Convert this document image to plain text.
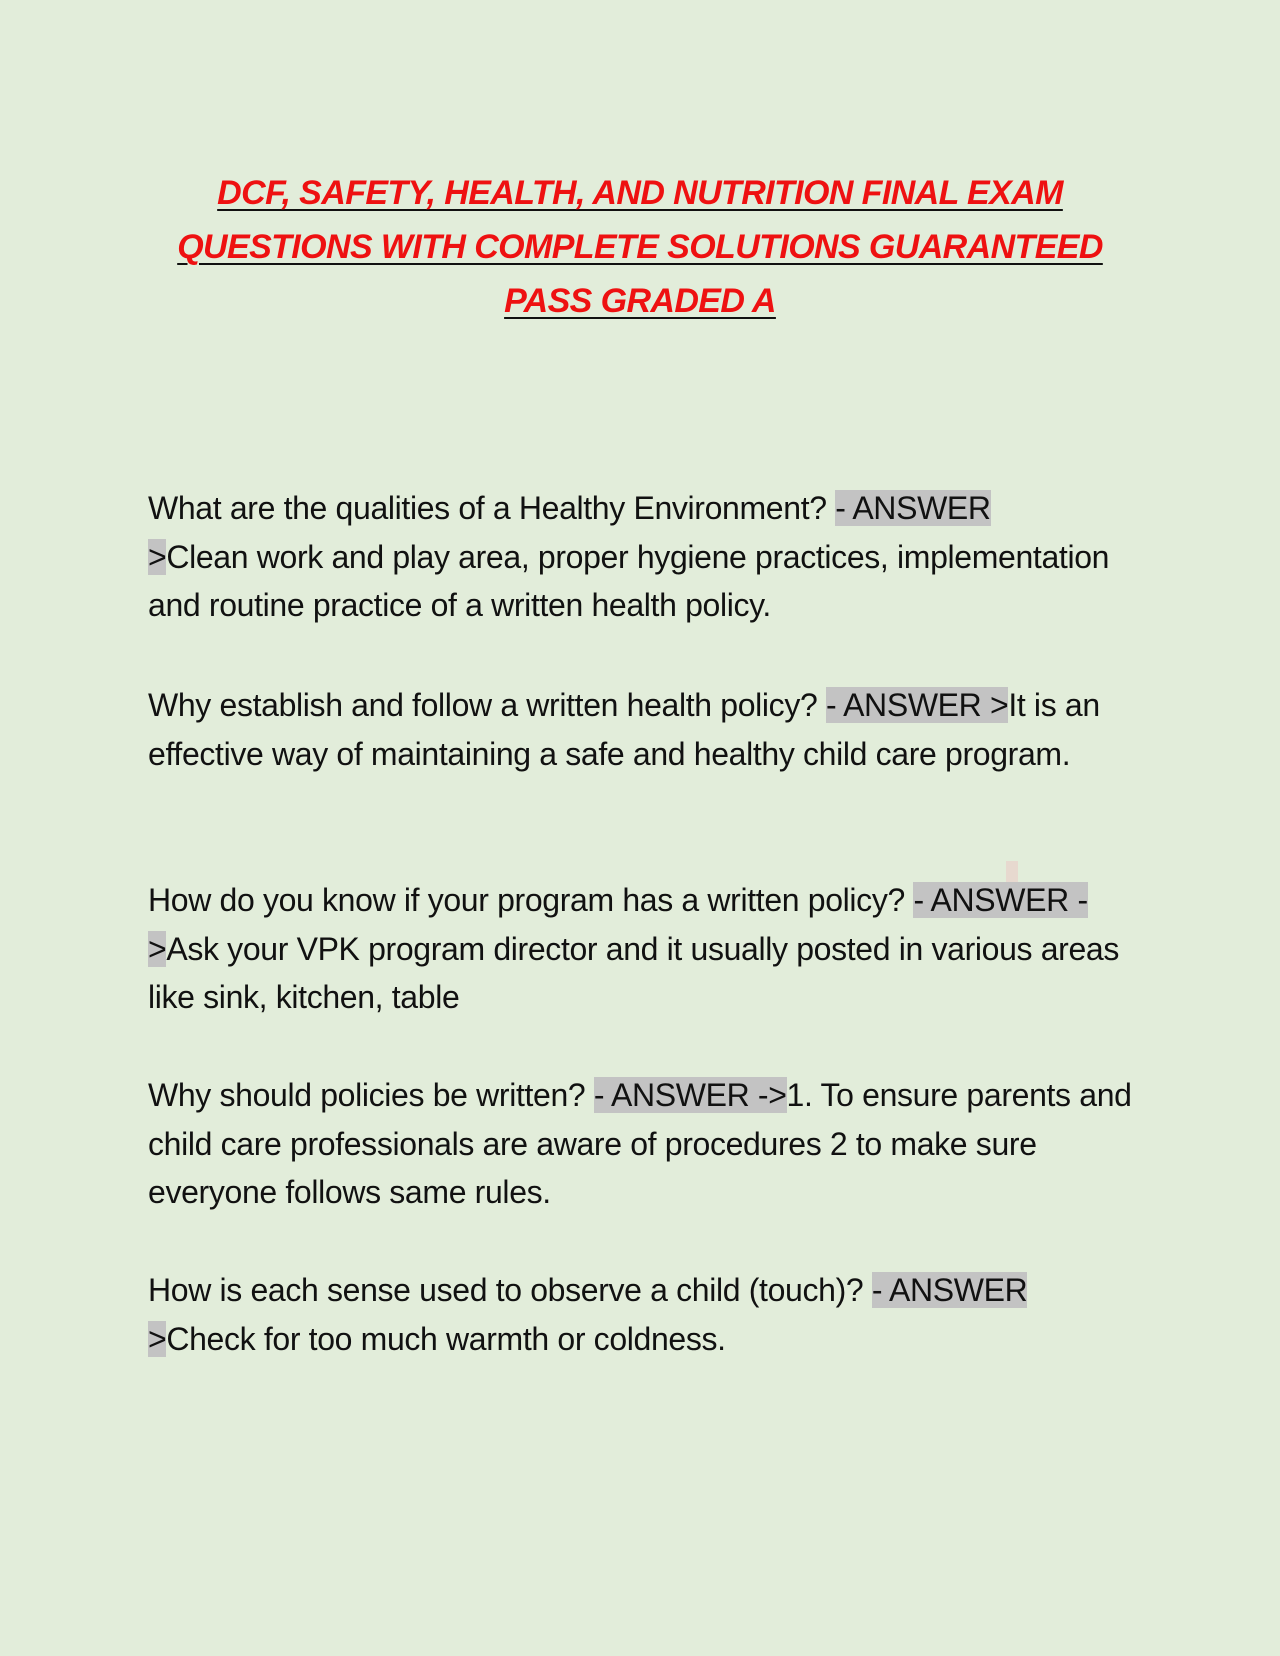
DCF, SAFETY, HEALTH, AND NUTRITION FINAL EXAM
QUESTIONS WITH COMPLETE SOLUTIONS GUARANTEED
PASS GRADED A

What are the qualities of a Healthy Environment? - ANSWER
>Clean work and play area, proper hygiene practices, implementation and routine practice of a written health policy.

Why establish and follow a written health policy? - ANSWER >It is an effective way of maintaining a safe and healthy child care program.

How do you know if your program has a written policy? - ANSWER ->Ask your VPK program director and it usually posted in various areas like sink, kitchen, table

Why should policies be written? - ANSWER ->1. To ensure parents and child care professionals are aware of procedures 2 to make sure everyone follows same rules.

How is each sense used to observe a child (touch)? - ANSWER
>Check for too much warmth or coldness.
